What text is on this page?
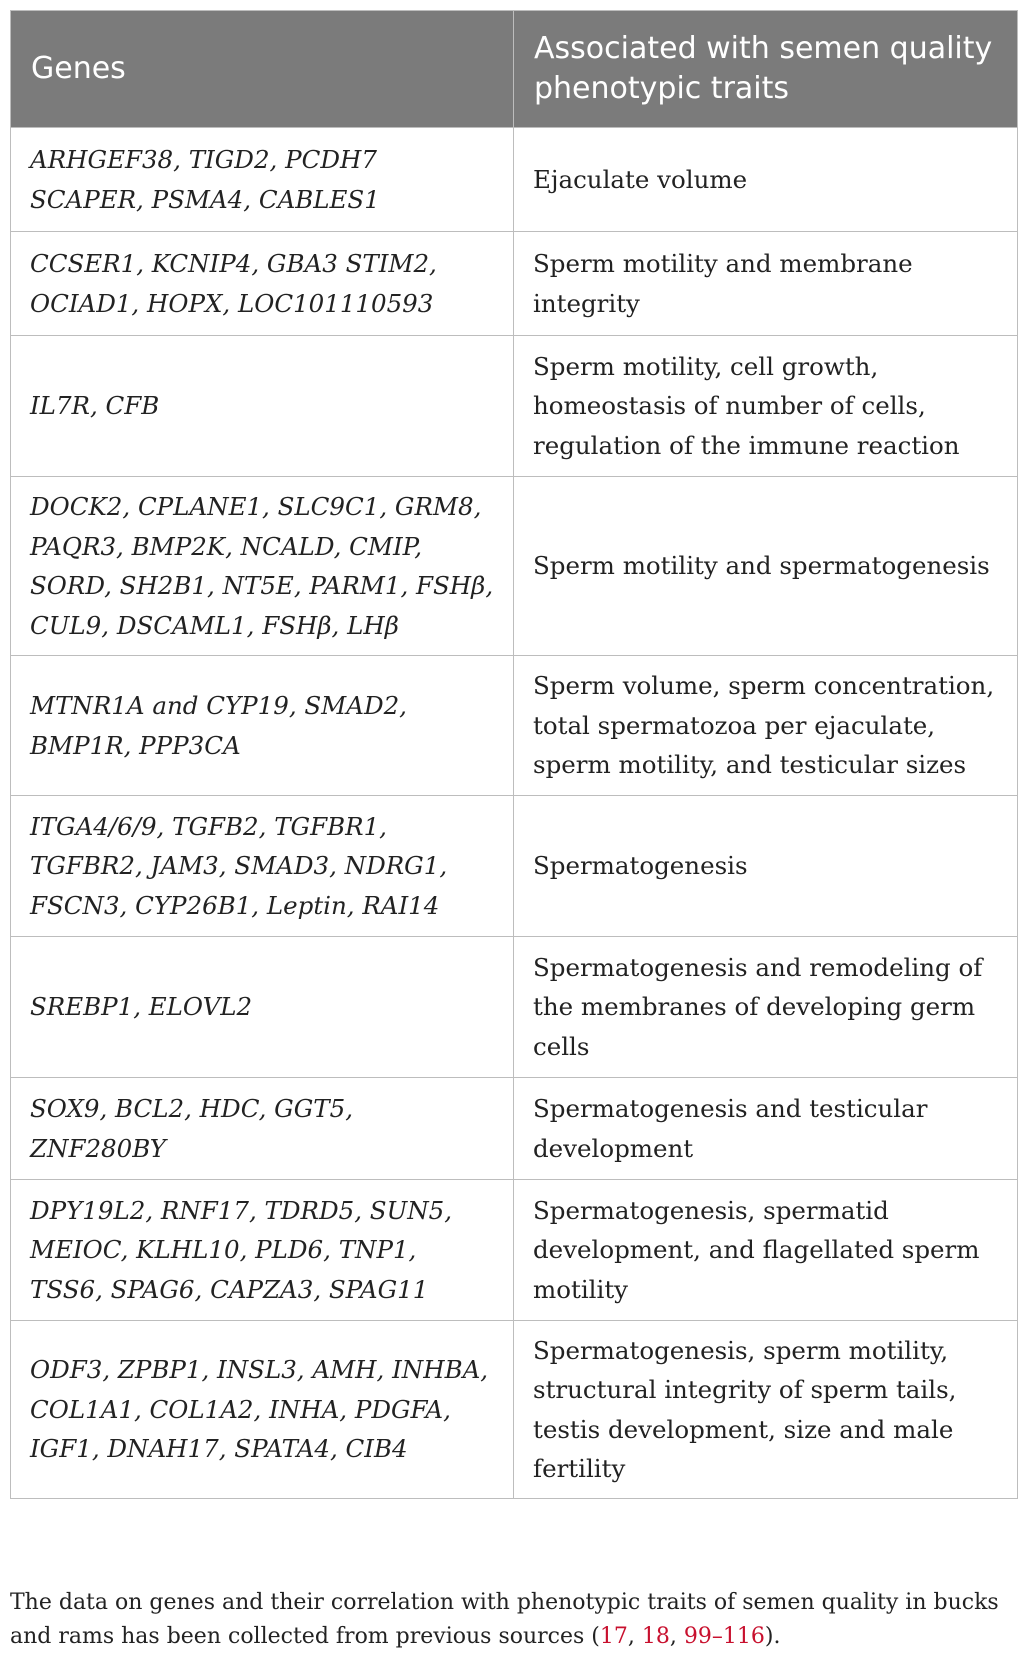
Genes	Associated with semen quality phenotypic traits
ARHGEF38, TIGD2, PCDH7 SCAPER, PSMA4, CABLES1	Ejaculate volume
CCSER1, KCNIP4, GBA3 STIM2, OCIAD1, HOPX, LOC101110593	Sperm motility and membrane integrity
IL7R, CFB	Sperm motility, cell growth, homeostasis of number of cells, regulation of the immune reaction
DOCK2, CPLANE1, SLC9C1, GRM8, PAQR3, BMP2K, NCALD, CMIP, SORD, SH2B1, NT5E, PARM1, FSHβ, CUL9, DSCAML1, FSHβ, LHβ	Sperm motility and spermatogenesis
MTNR1A and CYP19, SMAD2, BMP1R, PPP3CA	Sperm volume, sperm concentration, total spermatozoa per ejaculate, sperm motility, and testicular sizes
ITGA4/6/9, TGFB2, TGFBR1, TGFBR2, JAM3, SMAD3, NDRG1, FSCN3, CYP26B1, Leptin, RAI14	Spermatogenesis
SREBP1, ELOVL2	Spermatogenesis and remodeling of the membranes of developing germ cells
SOX9, BCL2, HDC, GGT5, ZNF280BY	Spermatogenesis and testicular development
DPY19L2, RNF17, TDRD5, SUN5, MEIOC, KLHL10, PLD6, TNP1, TSS6, SPAG6, CAPZA3, SPAG11	Spermatogenesis, spermatid development, and flagellated sperm motility
ODF3, ZPBP1, INSL3, AMH, INHBA, COL1A1, COL1A2, INHA, PDGFA, IGF1, DNAH17, SPATA4, CIB4	Spermatogenesis, sperm motility, structural integrity of sperm tails, testis development, size and male fertility
The data on genes and their correlation with phenotypic traits of semen quality in bucks and rams has been collected from previous sources (17, 18, 99–116).
